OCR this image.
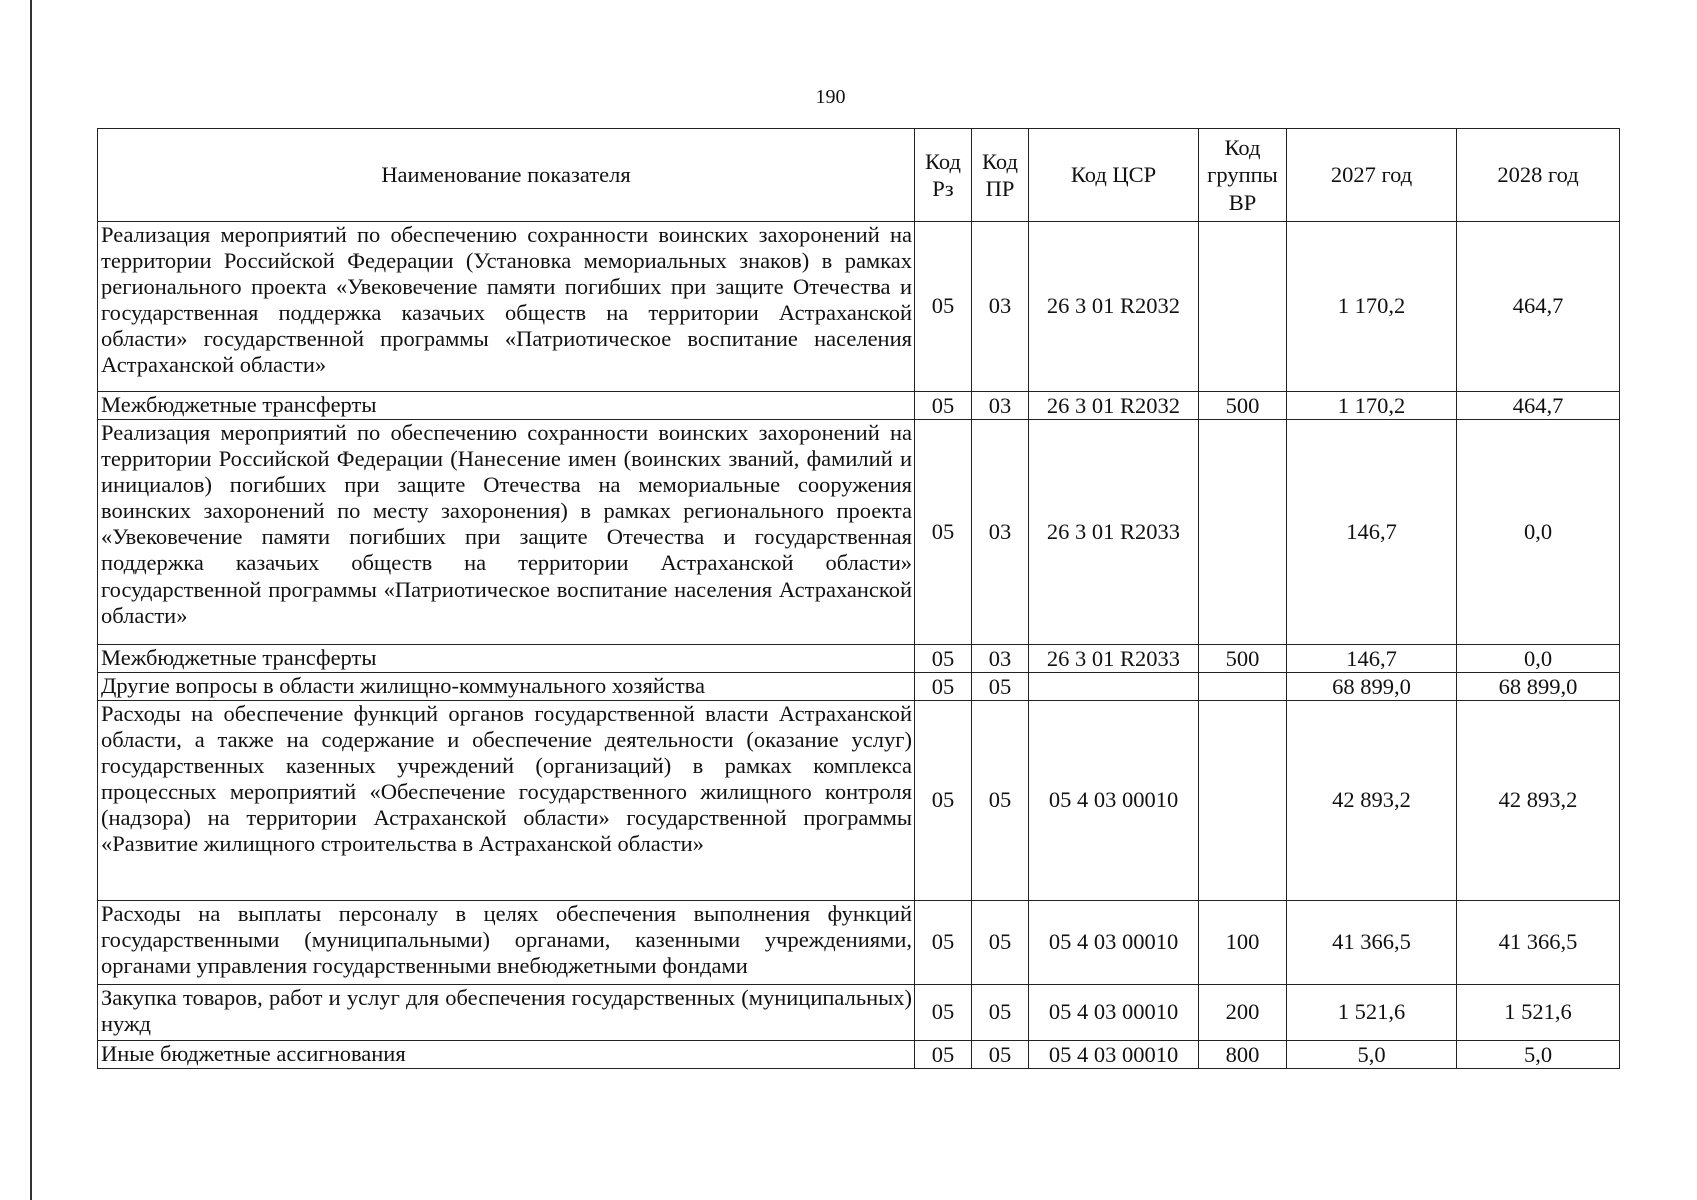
190
Наименование показателя	Код Рз	Код ПР	Код ЦСР	Код группы ВР	2027 год	2028 год
Реализация мероприятий по обеспечению сохранности воинских захоронений на территории Российской Федерации (Установка мемориальных знаков) в рамках регионального проекта «Увековечение памяти погибших при защите Отечества и государственная поддержка казачьих обществ на территории Астраханской области» государственной программы «Патриотическое воспитание населения Астраханской области»	05	03	26 3 01 R2032		1 170,2	464,7
Межбюджетные трансферты	05	03	26 3 01 R2032	500	1 170,2	464,7
Реализация мероприятий по обеспечению сохранности воинских захоронений на территории Российской Федерации (Нанесение имен (воинских званий, фамилий и инициалов) погибших при защите Отечества на мемориальные сооружения воинских захоронений по месту захоронения) в рамках регионального проекта «Увековечение памяти погибших при защите Отечества и государственная поддержка казачьих обществ на территории Астраханской области» государственной программы «Патриотическое воспитание населения Астраханской области»	05	03	26 3 01 R2033		146,7	0,0
Межбюджетные трансферты	05	03	26 3 01 R2033	500	146,7	0,0
Другие вопросы в области жилищно-коммунального хозяйства	05	05			68 899,0	68 899,0
Расходы на обеспечение функций органов государственной власти Астраханской области, а также на содержание и обеспечение деятельности (оказание услуг) государственных казенных учреждений (организаций) в рамках комплекса процессных мероприятий «Обеспечение государственного жилищного контроля (надзора) на территории Астраханской области» государственной программы «Развитие жилищного строительства в Астраханской области»	05	05	05 4 03 00010		42 893,2	42 893,2
Расходы на выплаты персоналу в целях обеспечения выполнения функций государственными (муниципальными) органами, казенными учреждениями, органами управления государственными внебюджетными фондами	05	05	05 4 03 00010	100	41 366,5	41 366,5
Закупка товаров, работ и услуг для обеспечения государственных (муниципальных) нужд	05	05	05 4 03 00010	200	1 521,6	1 521,6
Иные бюджетные ассигнования	05	05	05 4 03 00010	800	5,0	5,0
